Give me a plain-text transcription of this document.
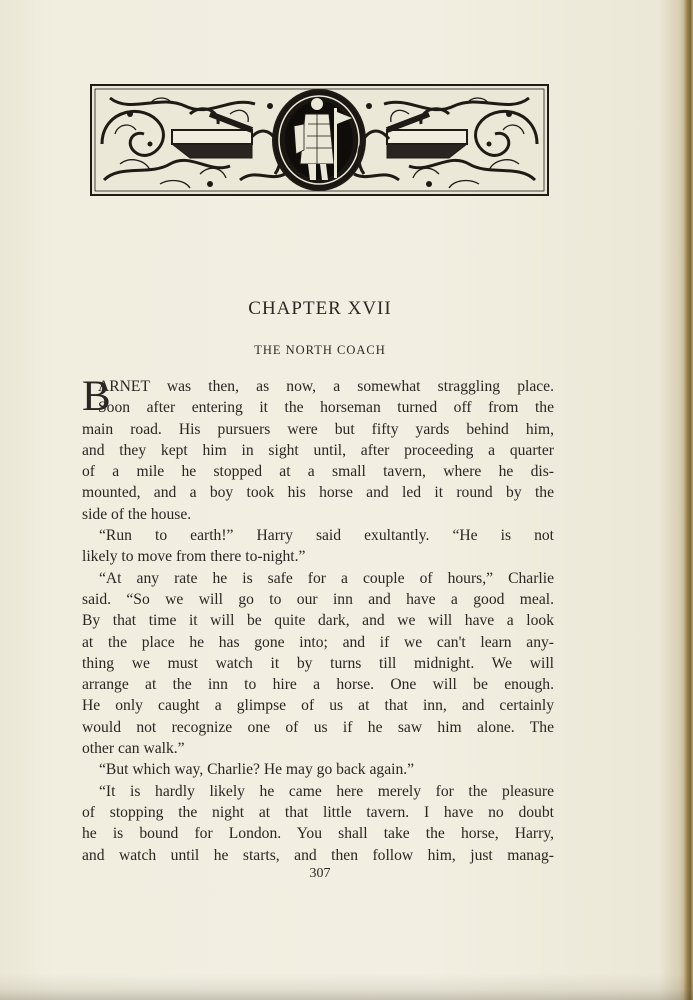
CHAPTER XVII
THE NORTH COACH
B
ARNET was then, as now, a somewhat straggling place.
Soon after entering it the horseman turned off from the
main road. His pursuers were but fifty yards behind him,
and they kept him in sight until, after proceeding a quarter
of a mile he stopped at a small tavern, where he dis-
mounted, and a boy took his horse and led it round by the
side of the house.
“Run to earth!” Harry said exultantly. “He is not
likely to move from there to-night.”
“At any rate he is safe for a couple of hours,” Charlie
said. “So we will go to our inn and have a good meal.
By that time it will be quite dark, and we will have a look
at the place he has gone into; and if we can't learn any-
thing we must watch it by turns till midnight. We will
arrange at the inn to hire a horse. One will be enough.
He only caught a glimpse of us at that inn, and certainly
would not recognize one of us if he saw him alone. The
other can walk.”
“But which way, Charlie? He may go back again.”
“It is hardly likely he came here merely for the pleasure
of stopping the night at that little tavern. I have no doubt
he is bound for London. You shall take the horse, Harry,
and watch until he starts, and then follow him, just manag-
307
